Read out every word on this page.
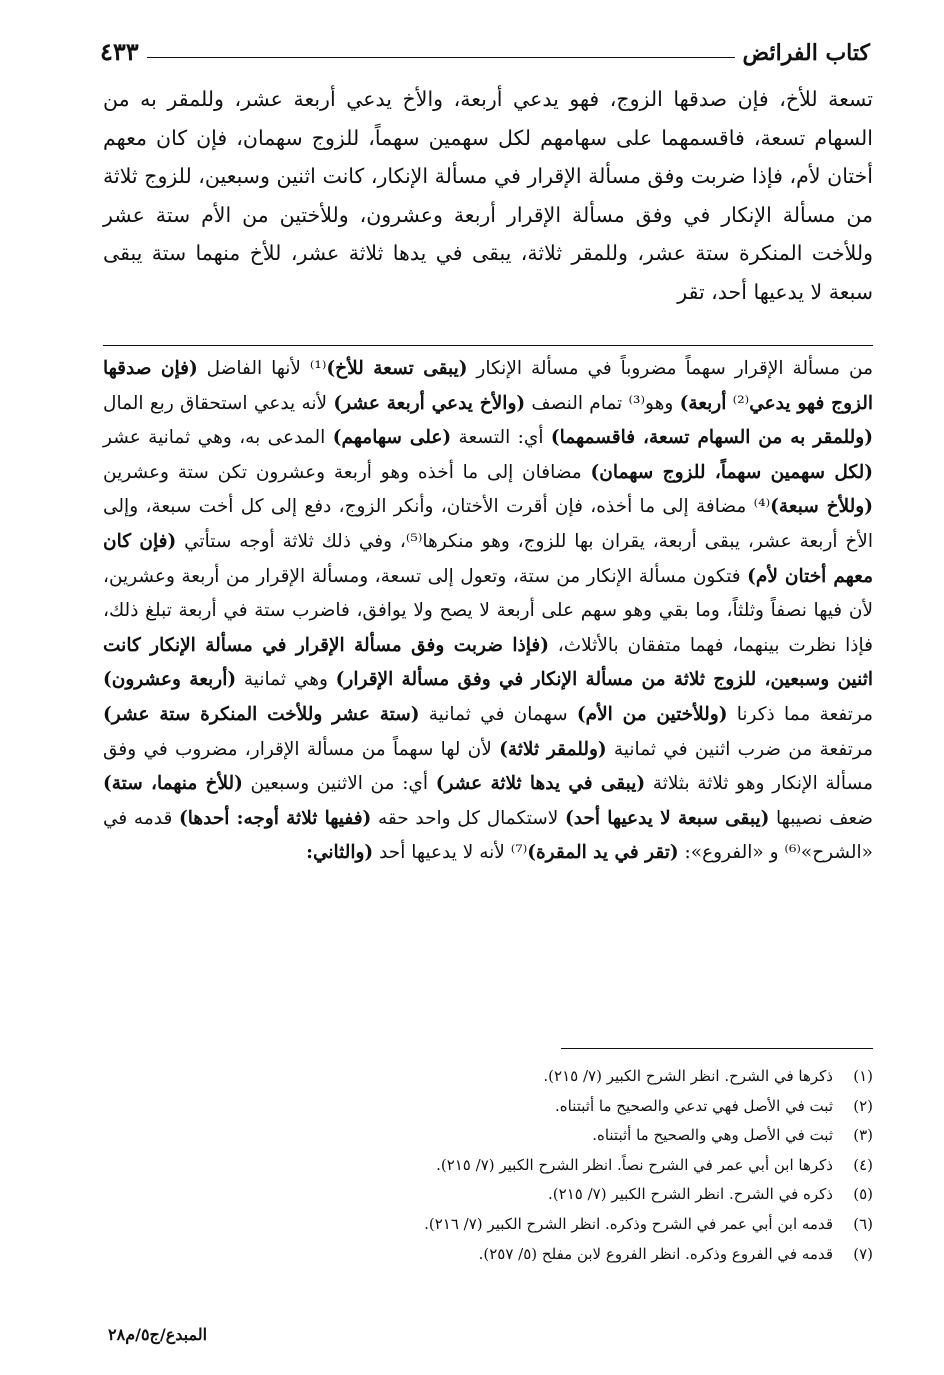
كتاب الفرائض
٤٣٣

تسعة للأخ، فإن صدقها الزوج، فهو يدعي أربعة، والأخ يدعي أربعة عشر، وللمقر به من السهام تسعة، فاقسمهما على سهامهم لكل سهمين سهماً، للزوج سهمان، فإن كان معهم أختان لأم، فإذا ضربت وفق مسألة الإقرار في مسألة الإنكار، كانت اثنين وسبعين، للزوج ثلاثة من مسألة الإنكار في وفق مسألة الإقرار أربعة وعشرون، وللأختين من الأم ستة عشر وللأخت المنكرة ستة عشر، وللمقر ثلاثة، يبقى في يدها ثلاثة عشر، للأخ منهما ستة يبقى سبعة لا يدعيها أحد، تقر

من مسألة الإقرار سهماً مضروباً في مسألة الإنكار (يبقى تسعة للأخ)⁽¹⁾ لأنها الفاضل (فإن صدقها الزوج فهو يدعي⁽²⁾ أربعة) وهو⁽³⁾ تمام النصف (والأخ يدعي أربعة عشر) لأنه يدعي استحقاق ربع المال (وللمقر به من السهام تسعة، فاقسمهما) أي: التسعة (على سهامهم) المدعى به، وهي ثمانية عشر (لكل سهمين سهماً، للزوج سهمان) مضافان إلى ما أخذه وهو أربعة وعشرون تكن ستة وعشرين (وللأخ سبعة)⁽⁴⁾ مضافة إلى ما أخذه، فإن أقرت الأختان، وأنكر الزوج، دفع إلى كل أخت سبعة، وإلى الأخ أربعة عشر، يبقى أربعة، يقران بها للزوج، وهو منكرها⁽⁵⁾، وفي ذلك ثلاثة أوجه ستأتي (فإن كان معهم أختان لأم) فتكون مسألة الإنكار من ستة، وتعول إلى تسعة، ومسألة الإقرار من أربعة وعشرين، لأن فيها نصفاً وثلثاً، وما بقي وهو سهم على أربعة لا يصح ولا يوافق، فاضرب ستة في أربعة تبلغ ذلك، فإذا نظرت بينهما، فهما متفقان بالأثلاث، (فإذا ضربت وفق مسألة الإقرار في مسألة الإنكار كانت اثنين وسبعين، للزوج ثلاثة من مسألة الإنكار في وفق مسألة الإقرار) وهي ثمانية (أربعة وعشرون) مرتفعة مما ذكرنا (وللأختين من الأم) سهمان في ثمانية (ستة عشر وللأخت المنكرة ستة عشر) مرتفعة من ضرب اثنين في ثمانية (وللمقر ثلاثة) لأن لها سهماً من مسألة الإقرار، مضروب في وفق مسألة الإنكار وهو ثلاثة بثلاثة (يبقى في يدها ثلاثة عشر) أي: من الاثنين وسبعين (للأخ منهما، ستة) ضعف نصيبها (يبقى سبعة لا يدعيها أحد) لاستكمال كل واحد حقه (ففيها ثلاثة أوجه: أحدها) قدمه في «الشرح»⁽⁶⁾ و «الفروع»: (تقر في يد المقرة)⁽⁷⁾ لأنه لا يدعيها أحد (والثاني:

(١)
ذكرها في الشرح. انظر الشرح الكبير (٧/ ٢١٥).
(٢)
ثبت في الأصل فهي تدعي والصحيح ما أثبتناه.
(٣)
ثبت في الأصل وهي والصحيح ما أثبتناه.
(٤)
ذكرها ابن أبي عمر في الشرح نصاً. انظر الشرح الكبير (٧/ ٢١٥).
(٥)
ذكره في الشرح. انظر الشرح الكبير (٧/ ٢١٥).
(٦)
قدمه ابن أبي عمر في الشرح وذكره. انظر الشرح الكبير (٧/ ٢١٦).
(٧)
قدمه في الفروع وذكره. انظر الفروع لابن مفلح (٥/ ٢٥٧).
المبدع/ج٥/م٢٨
